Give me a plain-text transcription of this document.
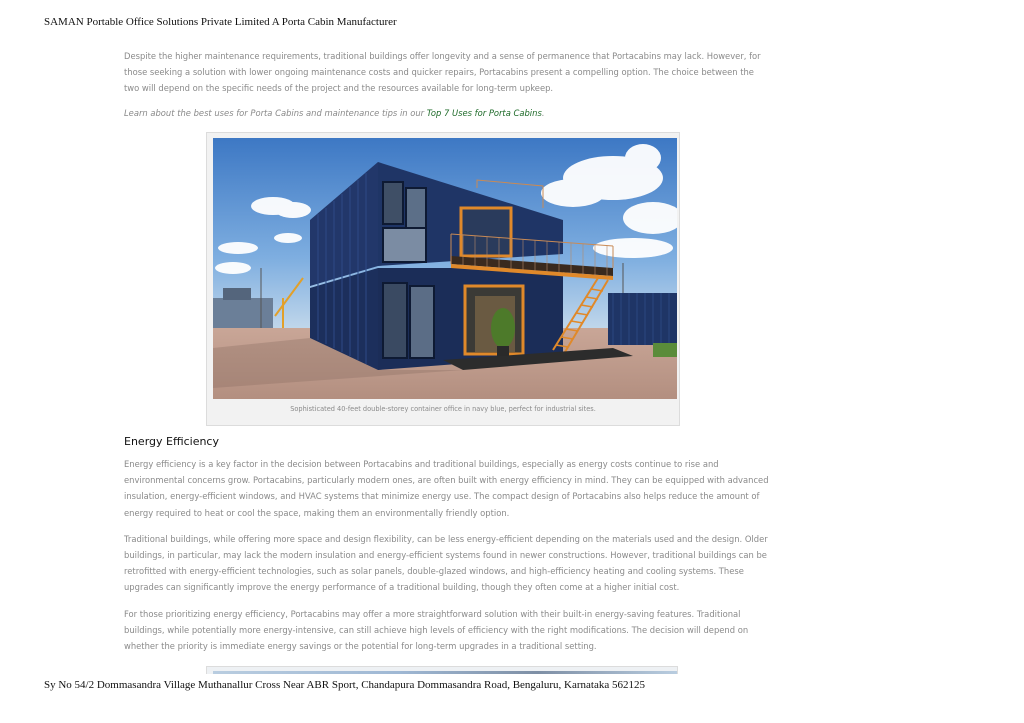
SAMAN Portable Office Solutions Private Limited A Porta Cabin Manufacturer

Despite the higher maintenance requirements, traditional buildings offer longevity and a sense of permanence that Portacabins may lack. However, for those seeking a solution with lower ongoing maintenance costs and quicker repairs, Portacabins present a compelling option. The choice between the two will depend on the specific needs of the project and the resources available for long-term upkeep.

Learn about the best uses for Porta Cabins and maintenance tips in our Top 7 Uses for Porta Cabins.

Sophisticated 40-feet double-storey container office in navy blue, perfect for industrial sites.
Energy Efficiency

Energy efficiency is a key factor in the decision between Portacabins and traditional buildings, especially as energy costs continue to rise and environmental concerns grow. Portacabins, particularly modern ones, are often built with energy efficiency in mind. They can be equipped with advanced insulation, energy-efficient windows, and HVAC systems that minimize energy use. The compact design of Portacabins also helps reduce the amount of energy required to heat or cool the space, making them an environmentally friendly option.

Traditional buildings, while offering more space and design flexibility, can be less energy-efficient depending on the materials used and the design. Older buildings, in particular, may lack the modern insulation and energy-efficient systems found in newer constructions. However, traditional buildings can be retrofitted with energy-efficient technologies, such as solar panels, double-glazed windows, and high-efficiency heating and cooling systems. These upgrades can significantly improve the energy performance of a traditional building, though they often come at a higher initial cost.

For those prioritizing energy efficiency, Portacabins may offer a more straightforward solution with their built-in energy-saving features. Traditional buildings, while potentially more energy-intensive, can still achieve high levels of efficiency with the right modifications. The decision will depend on whether the priority is immediate energy savings or the potential for long-term upgrades in a traditional setting.

Sy No 54/2 Dommasandra Village Muthanallur Cross Near ABR Sport, Chandapura Dommasandra Road, Bengaluru, Karnataka 562125
